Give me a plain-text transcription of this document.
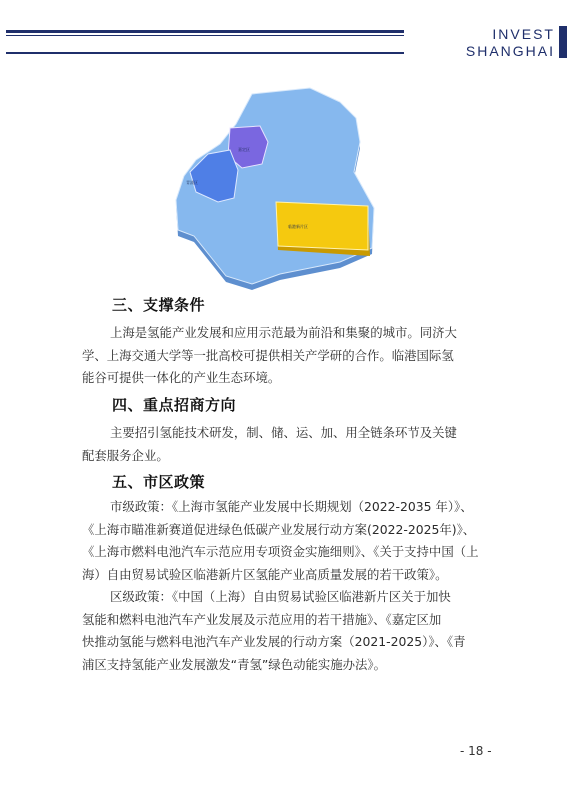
INVEST
SHANGHAI
嘉定区
青浦区
临港新片区
三、支撑条件
上海是氢能产业发展和应用示范最为前沿和集聚的城市。同济大
学、上海交通大学等一批高校可提供相关产学研的合作。临港国际氢
能谷可提供一体化的产业生态环境。
四、重点招商方向
主要招引氢能技术研发，制、储、运、加、用全链条环节及关键
配套服务企业。
五、市区政策
市级政策：《上海市氢能产业发展中长期规划（2022-2035 年）》、
《上海市瞄准新赛道促进绿色低碳产业发展行动方案(2022-2025年)》、
《上海市燃料电池汽车示范应用专项资金实施细则》、《关于支持中国（上
海）自由贸易试验区临港新片区氢能产业高质量发展的若干政策》。
区级政策：《中国（上海）自由贸易试验区临港新片区关于加快
氢能和燃料电池汽车产业发展及示范应用的若干措施》、《嘉定区加
快推动氢能与燃料电池汽车产业发展的行动方案（2021-2025）》、《青
浦区支持氢能产业发展激发“青氢”绿色动能实施办法》。
- 18 -
